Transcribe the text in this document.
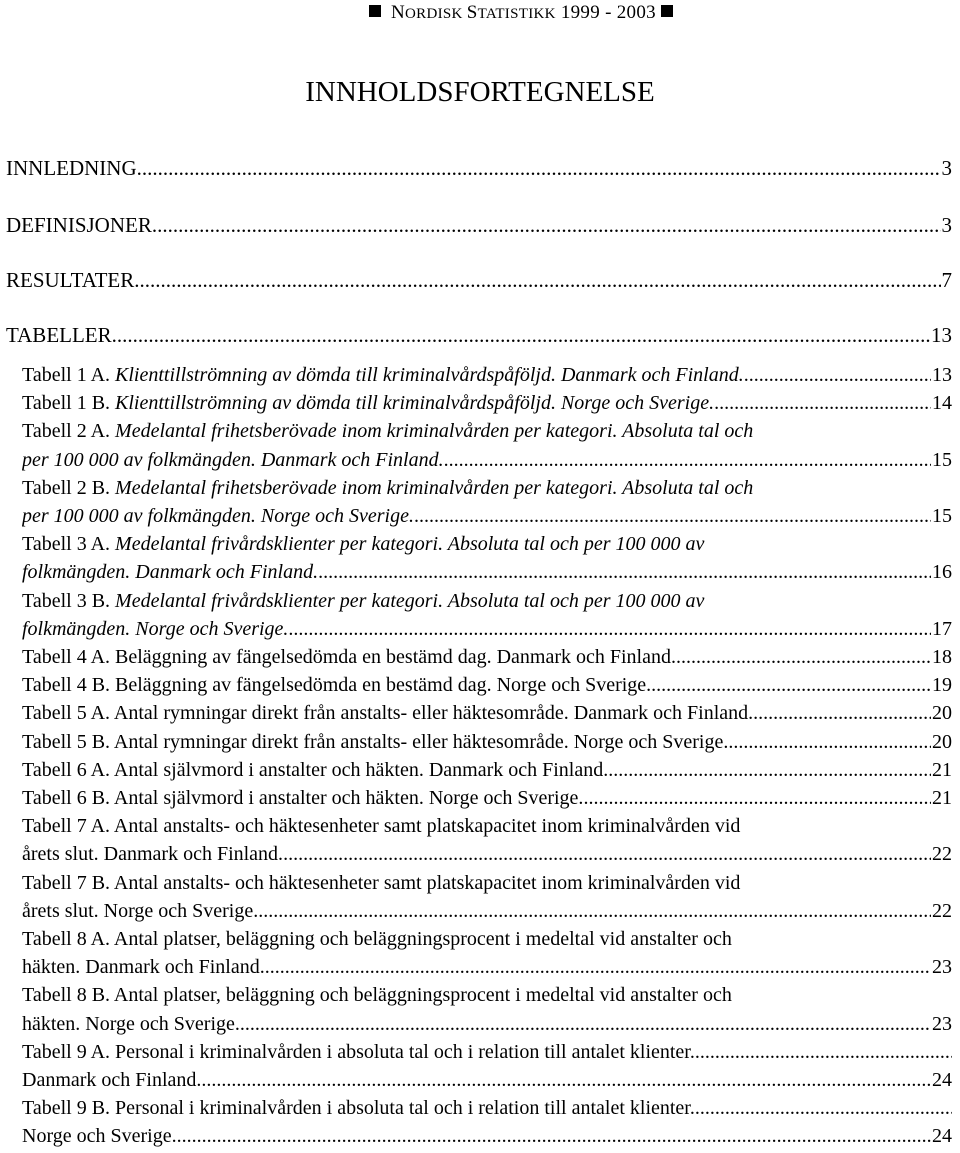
NORDISK STATISTIKK 1999 - 2003
INNHOLDSFORTEGNELSE
INNLEDNING .....	3
DEFINISJONER .....	3
RESULTATER .....	7
TABELLER .....	13
Tabell 1 A. Klienttillströmning av dömda till kriminalvårdspåföljd. Danmark och Finland. .....	13
Tabell 1 B. Klienttillströmning av dömda till kriminalvårdspåföljd. Norge och Sverige. .....	14
Tabell 2 A. Medelantal frihetsberövade inom kriminalvården per kategori. Absoluta tal och
per 100 000 av folkmängden. Danmark och Finland. .....	15
Tabell 2 B. Medelantal frihetsberövade inom kriminalvården per kategori. Absoluta tal och
per 100 000 av folkmängden. Norge och Sverige. .....	15
Tabell 3 A. Medelantal frivårdsklienter per kategori. Absoluta tal och per 100 000 av
folkmängden. Danmark och Finland. .....	16
Tabell 3 B. Medelantal frivårdsklienter per kategori. Absoluta tal och per 100 000 av
folkmängden. Norge och Sverige. .....	17
Tabell 4 A. Beläggning av fängelsedömda en bestämd dag. Danmark och Finland. .....	18
Tabell 4 B. Beläggning av fängelsedömda en bestämd dag. Norge och Sverige. .....	19
Tabell 5 A. Antal rymningar direkt från anstalts- eller häktesområde. Danmark och Finland .....	20
Tabell 5 B. Antal rymningar direkt från anstalts- eller häktesområde. Norge och Sverige. .....	20
Tabell 6 A. Antal självmord i anstalter och häkten. Danmark och Finland. .....	21
Tabell 6 B. Antal självmord i anstalter och häkten. Norge och Sverige. .....	21
Tabell 7 A. Antal anstalts- och häktesenheter samt platskapacitet inom kriminalvården vid
årets slut. Danmark och Finland. .....	22
Tabell 7 B. Antal anstalts- och häktesenheter samt platskapacitet inom kriminalvården vid
årets slut. Norge och Sverige. .....	22
Tabell 8 A. Antal platser, beläggning och beläggningsprocent i medeltal vid anstalter och
häkten. Danmark och Finland. .....	23
Tabell 8 B. Antal platser, beläggning och beläggningsprocent i medeltal vid anstalter och
häkten. Norge och Sverige. .....	23
Tabell 9 A. Personal i kriminalvården i absoluta tal och i relation till antalet klienter.
.....
Danmark och Finland. .....	24
Tabell 9 B. Personal i kriminalvården i absoluta tal och i relation till antalet klienter.
.....
Norge och Sverige. .....	24
